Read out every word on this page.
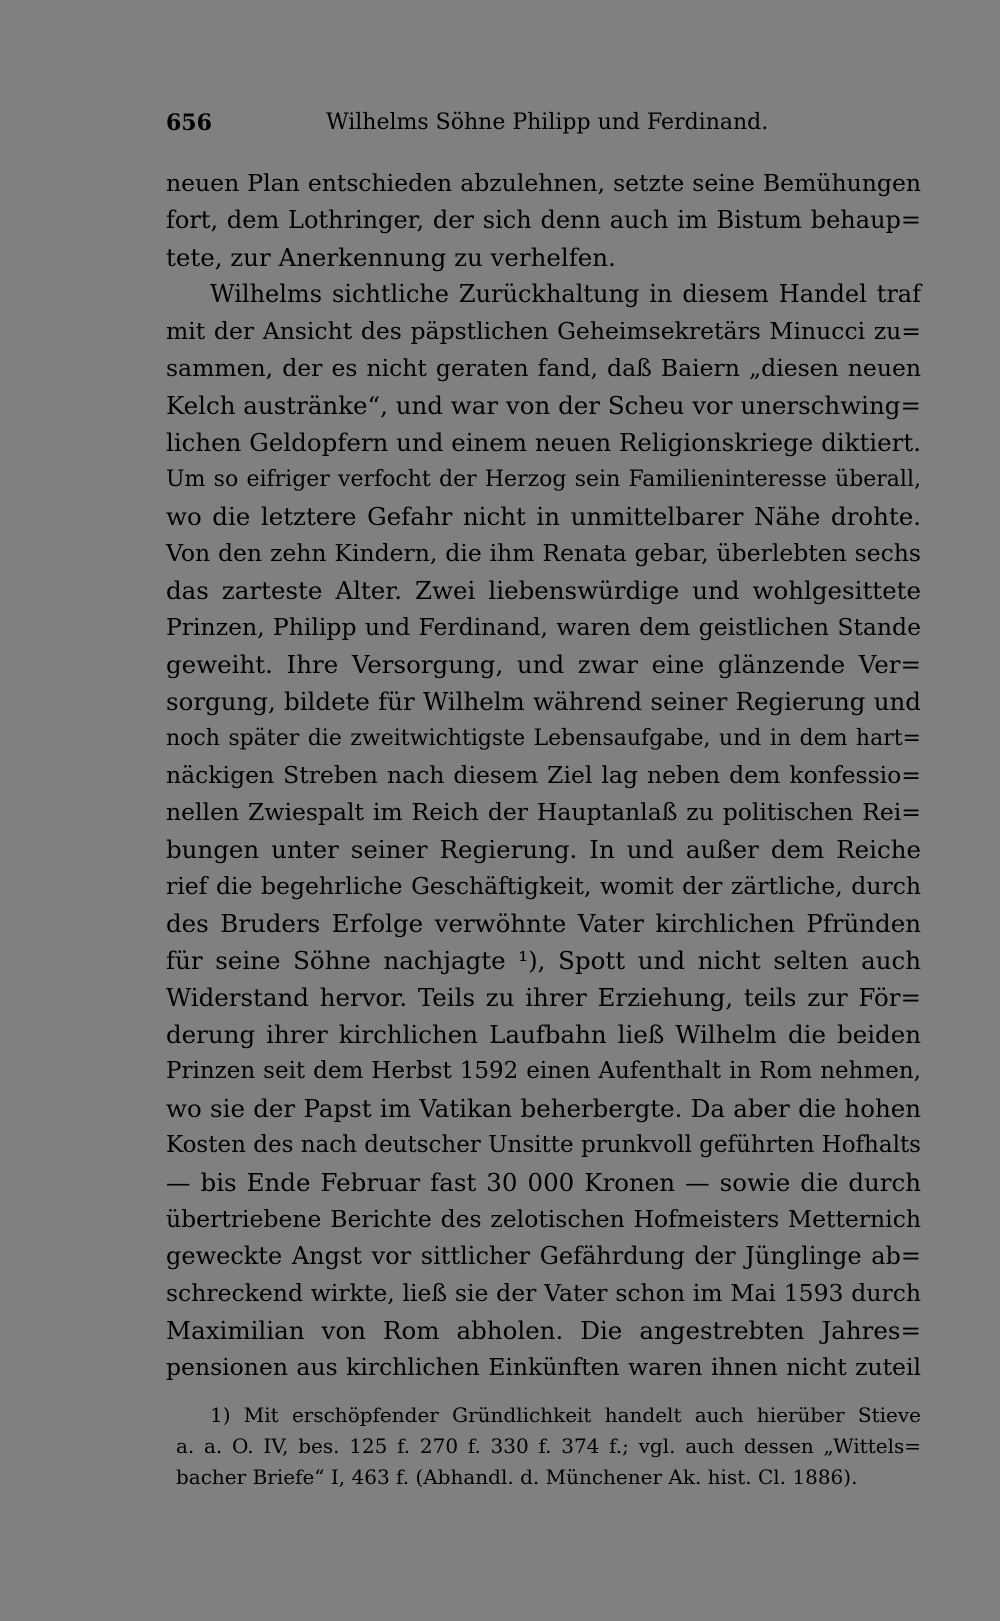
656	Wilhelms Söhne Philipp und Ferdinand.
neuen Plan entschieden abzulehnen, setzte seine Bemühungen
fort, dem Lothringer, der sich denn auch im Bistum behaup=
tete, zur Anerkennung zu verhelfen.
Wilhelms sichtliche Zurückhaltung in diesem Handel traf
mit der Ansicht des päpstlichen Geheimsekretärs Minucci zu=
sammen, der es nicht geraten fand, daß Baiern „diesen neuen
Kelch austränke“, und war von der Scheu vor unerschwing=
lichen Geldopfern und einem neuen Religionskriege diktiert.
Um so eifriger verfocht der Herzog sein Familieninteresse überall,
wo die letztere Gefahr nicht in unmittelbarer Nähe drohte.
Von den zehn Kindern, die ihm Renata gebar, überlebten sechs
das zarteste Alter. Zwei liebenswürdige und wohlgesittete
Prinzen, Philipp und Ferdinand, waren dem geistlichen Stande
geweiht. Ihre Versorgung, und zwar eine glänzende Ver=
sorgung, bildete für Wilhelm während seiner Regierung und
noch später die zweitwichtigste Lebensaufgabe, und in dem hart=
näckigen Streben nach diesem Ziel lag neben dem konfessio=
nellen Zwiespalt im Reich der Hauptanlaß zu politischen Rei=
bungen unter seiner Regierung. In und außer dem Reiche
rief die begehrliche Geschäftigkeit, womit der zärtliche, durch
des Bruders Erfolge verwöhnte Vater kirchlichen Pfründen
für seine Söhne nachjagte ¹), Spott und nicht selten auch
Widerstand hervor. Teils zu ihrer Erziehung, teils zur För=
derung ihrer kirchlichen Laufbahn ließ Wilhelm die beiden
Prinzen seit dem Herbst 1592 einen Aufenthalt in Rom nehmen,
wo sie der Papst im Vatikan beherbergte. Da aber die hohen
Kosten des nach deutscher Unsitte prunkvoll geführten Hofhalts
— bis Ende Februar fast 30 000 Kronen — sowie die durch
übertriebene Berichte des zelotischen Hofmeisters Metternich
geweckte Angst vor sittlicher Gefährdung der Jünglinge ab=
schreckend wirkte, ließ sie der Vater schon im Mai 1593 durch
Maximilian von Rom abholen. Die angestrebten Jahres=
pensionen aus kirchlichen Einkünften waren ihnen nicht zuteil
1) Mit erschöpfender Gründlichkeit handelt auch hierüber Stieve
a. a. O. IV, bes. 125 f. 270 f. 330 f. 374 f.; vgl. auch dessen „Wittels=
bacher Briefe“ I, 463 f. (Abhandl. d. Münchener Ak. hist. Cl. 1886).
